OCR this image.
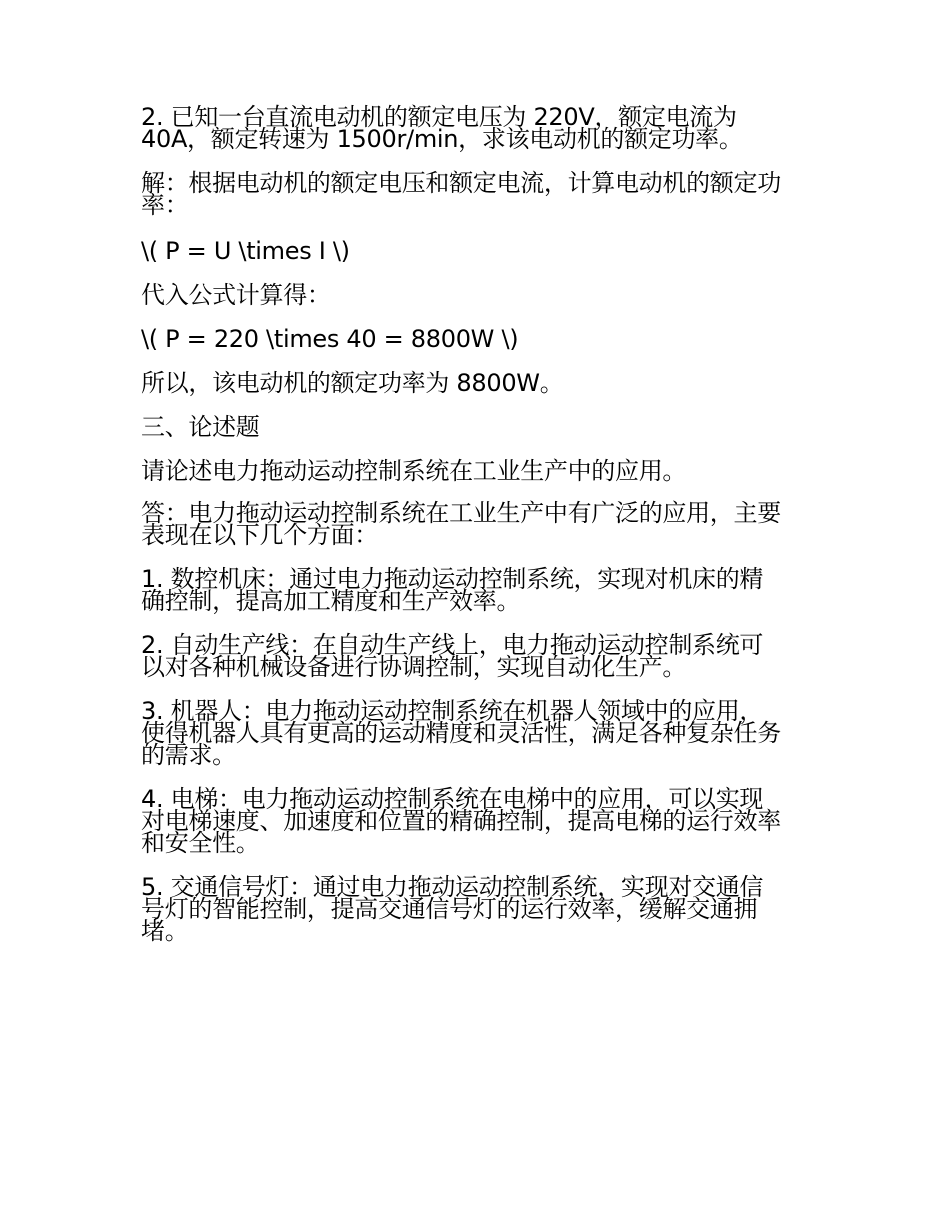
2. 已知一台直流电动机的额定电压为 220V，额定电流为
40A，额定转速为 1500r/min，求该电动机的额定功率。

解：根据电动机的额定电压和额定电流，计算电动机的额定功
率：

\( P = U \times I \)

代入公式计算得：

\( P = 220 \times 40 = 8800W \)

所以，该电动机的额定功率为 8800W。

三、论述题

请论述电力拖动运动控制系统在工业生产中的应用。

答：电力拖动运动控制系统在工业生产中有广泛的应用，主要
表现在以下几个方面：

1. 数控机床：通过电力拖动运动控制系统，实现对机床的精
确控制，提高加工精度和生产效率。

2. 自动生产线：在自动生产线上，电力拖动运动控制系统可
以对各种机械设备进行协调控制，实现自动化生产。

3. 机器人：电力拖动运动控制系统在机器人领域中的应用，
使得机器人具有更高的运动精度和灵活性，满足各种复杂任务
的需求。

4. 电梯：电力拖动运动控制系统在电梯中的应用，可以实现
对电梯速度、加速度和位置的精确控制，提高电梯的运行效率
和安全性。

5. 交通信号灯：通过电力拖动运动控制系统，实现对交通信
号灯的智能控制，提高交通信号灯的运行效率，缓解交通拥
堵。
